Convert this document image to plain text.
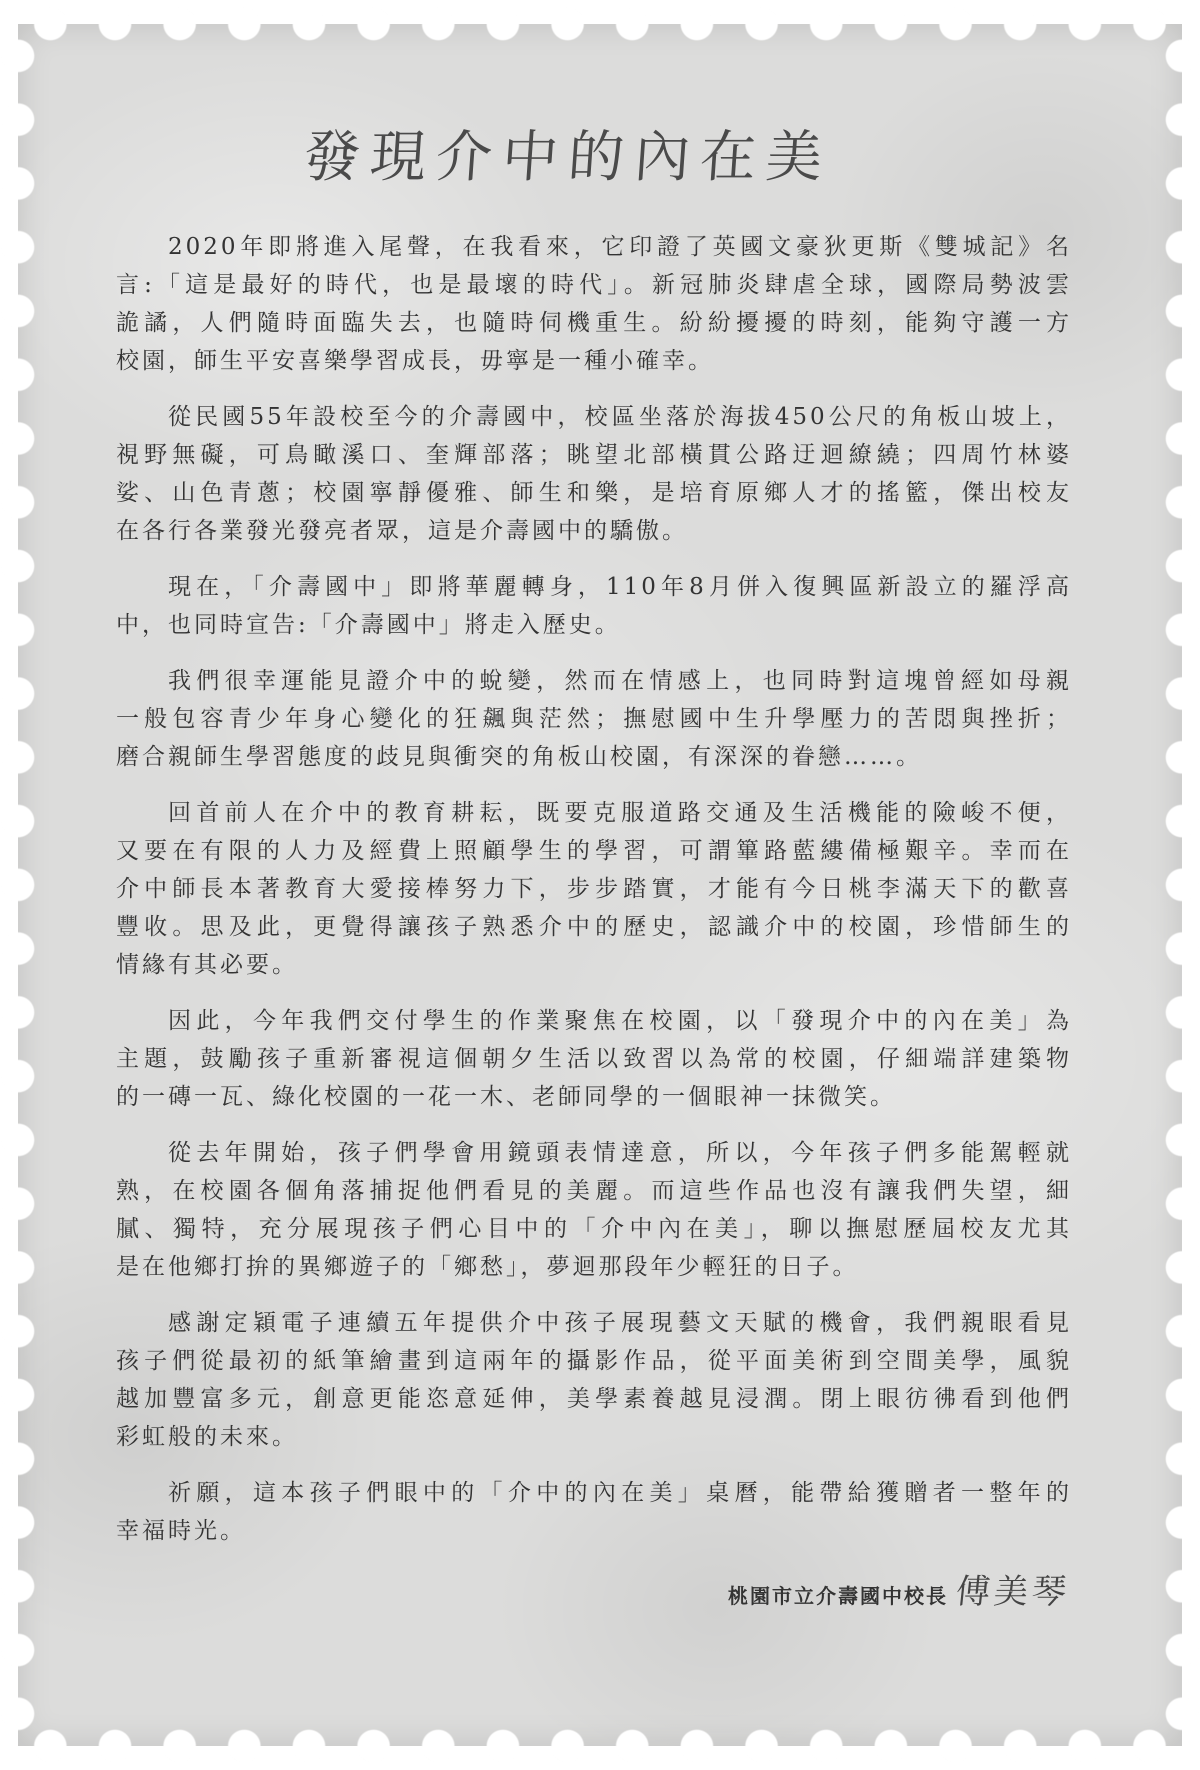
發現介中的內在美
2020年即將進入尾聲，在我看來，它印證了英國文豪狄更斯《雙城記》名
言:「這是最好的時代，也是最壞的時代」。新冠肺炎肆虐全球，國際局勢波雲
詭譎，人們隨時面臨失去，也隨時伺機重生。紛紛擾擾的時刻，能夠守護一方
校園，師生平安喜樂學習成長，毋寧是一種小確幸。
從民國55年設校至今的介壽國中，校區坐落於海拔450公尺的角板山坡上，
視野無礙，可鳥瞰溪口、奎輝部落；眺望北部橫貫公路迂迴繚繞；四周竹林婆
娑、山色青蔥；校園寧靜優雅、師生和樂，是培育原鄉人才的搖籃，傑出校友
在各行各業發光發亮者眾，這是介壽國中的驕傲。
現在，「介壽國中」即將華麗轉身，110年8月併入復興區新設立的羅浮高
中，也同時宣告:「介壽國中」將走入歷史。
我們很幸運能見證介中的蛻變，然而在情感上，也同時對這塊曾經如母親
一般包容青少年身心變化的狂飆與茫然；撫慰國中生升學壓力的苦悶與挫折；
磨合親師生學習態度的歧見與衝突的角板山校園，有深深的眷戀……。
回首前人在介中的教育耕耘，既要克服道路交通及生活機能的險峻不便，
又要在有限的人力及經費上照顧學生的學習，可謂篳路藍縷備極艱辛。幸而在
介中師長本著教育大愛接棒努力下，步步踏實，才能有今日桃李滿天下的歡喜
豐收。思及此，更覺得讓孩子熟悉介中的歷史，認識介中的校園，珍惜師生的
情緣有其必要。
因此，今年我們交付學生的作業聚焦在校園，以「發現介中的內在美」為
主題，鼓勵孩子重新審視這個朝夕生活以致習以為常的校園，仔細端詳建築物
的一磚一瓦、綠化校園的一花一木、老師同學的一個眼神一抹微笑。
從去年開始，孩子們學會用鏡頭表情達意，所以，今年孩子們多能駕輕就
熟，在校園各個角落捕捉他們看見的美麗。而這些作品也沒有讓我們失望，細
膩、獨特，充分展現孩子們心目中的「介中內在美」，聊以撫慰歷屆校友尤其
是在他鄉打拚的異鄉遊子的「鄉愁」，夢迴那段年少輕狂的日子。
感謝定穎電子連續五年提供介中孩子展現藝文天賦的機會，我們親眼看見
孩子們從最初的紙筆繪畫到這兩年的攝影作品，從平面美術到空間美學，風貌
越加豐富多元，創意更能恣意延伸，美學素養越見浸潤。閉上眼彷彿看到他們
彩虹般的未來。
祈願，這本孩子們眼中的「介中的內在美」桌曆，能帶給獲贈者一整年的
幸福時光。
桃園市立介壽國中校長 傅美琴
